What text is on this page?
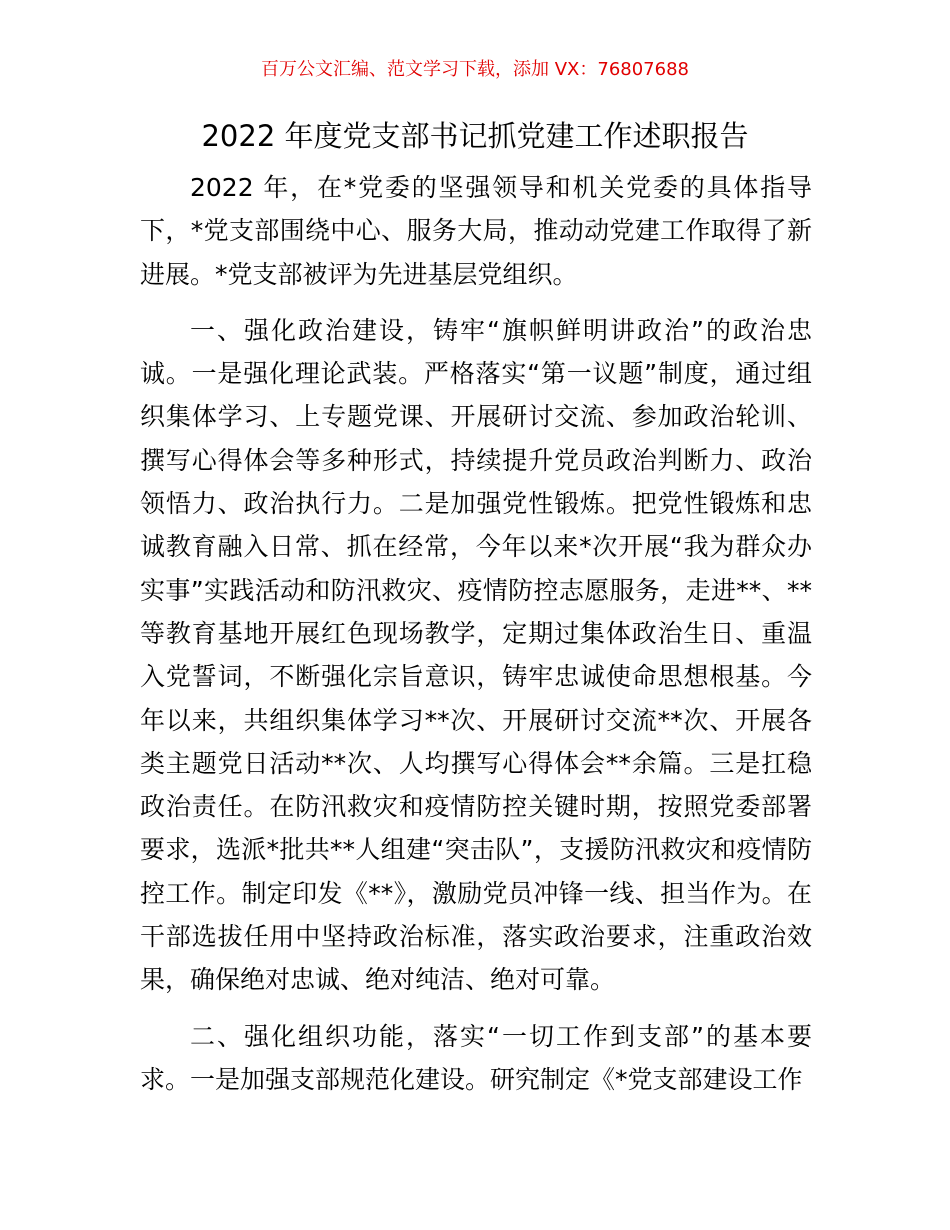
百万公文汇编、范文学习下载，添加 VX：76807688
2022 年度党支部书记抓党建工作述职报告

2022 年，在*党委的坚强领导和机关党委的具体指导下，*党支部围绕中心、服务大局，推动动党建工作取得了新进展。*党支部被评为先进基层党组织。

一、强化政治建设，铸牢“旗帜鲜明讲政治”的政治忠诚。一是强化理论武装。严格落实“第一议题”制度，通过组织集体学习、上专题党课、开展研讨交流、参加政治轮训、撰写心得体会等多种形式，持续提升党员政治判断力、政治领悟力、政治执行力。二是加强党性锻炼。把党性锻炼和忠诚教育融入日常、抓在经常，今年以来*次开展“我为群众办实事”实践活动和防汛救灾、疫情防控志愿服务，走进**、**等教育基地开展红色现场教学，定期过集体政治生日、重温入党誓词，不断强化宗旨意识，铸牢忠诚使命思想根基。今年以来，共组织集体学习**次、开展研讨交流**次、开展各类主题党日活动**次、人均撰写心得体会**余篇。三是扛稳政治责任。在防汛救灾和疫情防控关键时期，按照党委部署要求，选派*批共**人组建“突击队”，支援防汛救灾和疫情防控工作。制定印发《**》，激励党员冲锋一线、担当作为。在干部选拔任用中坚持政治标准，落实政治要求，注重政治效果，确保绝对忠诚、绝对纯洁、绝对可靠。

二、强化组织功能，落实“一切工作到支部”的基本要求。一是加强支部规范化建设。研究制定《*党支部建设工作
